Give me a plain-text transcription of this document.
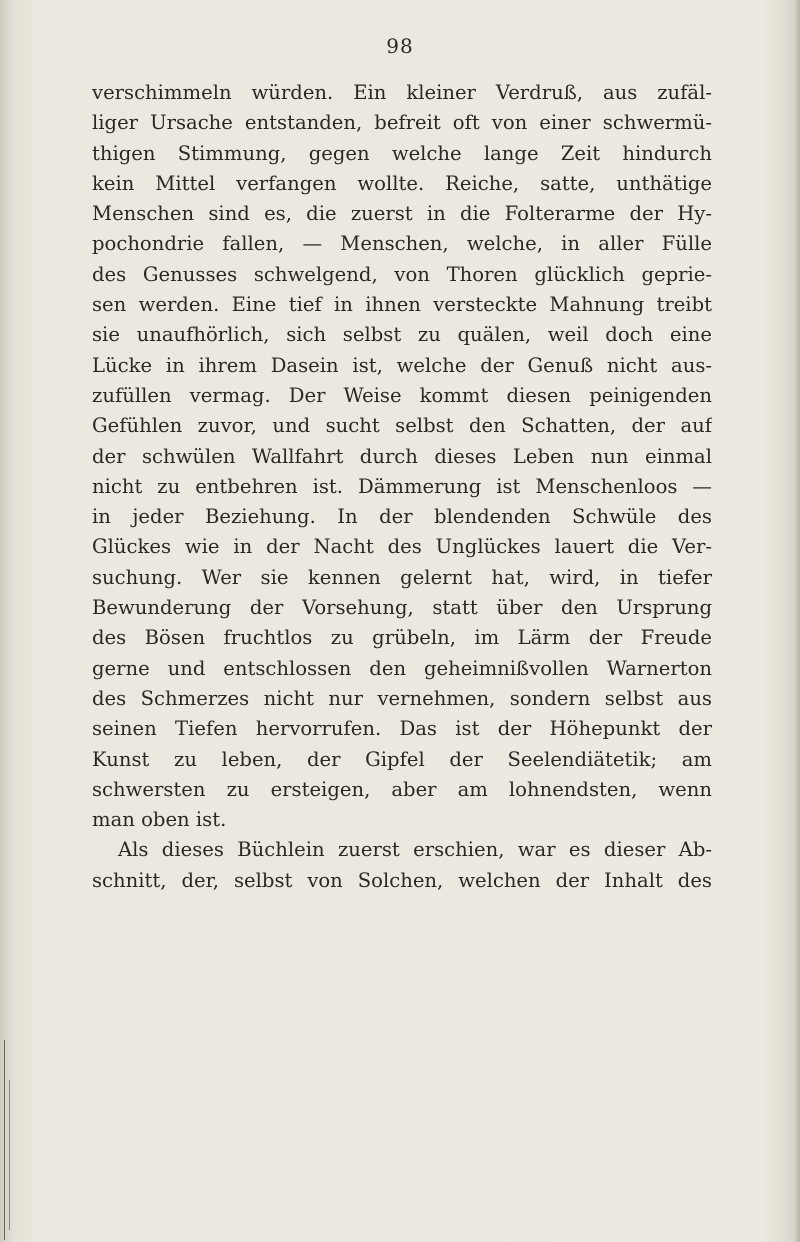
98
verschimmeln würden. Ein kleiner Verdruß, aus zufäl-
liger Ursache entstanden, befreit oft von einer schwermü-
thigen Stimmung, gegen welche lange Zeit hindurch
kein Mittel verfangen wollte. Reiche, satte, unthätige
Menschen sind es, die zuerst in die Folterarme der Hy-
pochondrie fallen, — Menschen, welche, in aller Fülle
des Genusses schwelgend, von Thoren glücklich geprie-
sen werden. Eine tief in ihnen versteckte Mahnung treibt
sie unaufhörlich, sich selbst zu quälen, weil doch eine
Lücke in ihrem Dasein ist, welche der Genuß nicht aus-
zufüllen vermag. Der Weise kommt diesen peinigenden
Gefühlen zuvor, und sucht selbst den Schatten, der auf
der schwülen Wallfahrt durch dieses Leben nun einmal
nicht zu entbehren ist. Dämmerung ist Menschenloos —
in jeder Beziehung. In der blendenden Schwüle des
Glückes wie in der Nacht des Unglückes lauert die Ver-
suchung. Wer sie kennen gelernt hat, wird, in tiefer
Bewunderung der Vorsehung, statt über den Ursprung
des Bösen fruchtlos zu grübeln, im Lärm der Freude
gerne und entschlossen den geheimnißvollen Warnerton
des Schmerzes nicht nur vernehmen, sondern selbst aus
seinen Tiefen hervorrufen. Das ist der Höhepunkt der
Kunst zu leben, der Gipfel der Seelendiätetik; am
schwersten zu ersteigen, aber am lohnendsten, wenn
man oben ist.
Als dieses Büchlein zuerst erschien, war es dieser Ab-
schnitt, der, selbst von Solchen, welchen der Inhalt des
